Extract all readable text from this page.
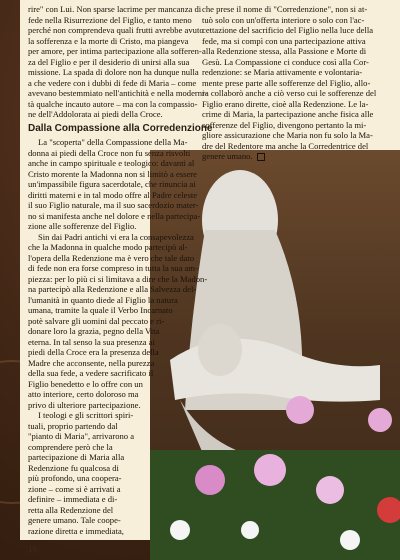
rire" con Lui. Non sparse lacrime per mancanza di

fede nella Risurrezione del Figlio, e tanto meno

perché non comprendeva quali frutti avrebbe avuto

la sofferenza e la morte di Cristo, ma piangeva

per amore, per intima partecipazione alla sofferen-

za del Figlio e per il desiderio di unirsi alla sua

missione. La spada di dolore non ha dunque nulla

a che vedere con i dubbi di fede di Maria – come

avevano bestemmiato nell'antichità e nella moderni-

tà qualche incauto autore – ma con la compassio-

ne dell'Addolorata ai piedi della Croce.

Dalla Compassione alla Corredenzione

La "scoperta" della Compassione della Ma-

donna ai piedi della Croce non fu senza risvolti

anche in campo spirituale e teologico: davanti al

Cristo morente la Madonna non si limitò a essere

un'impassibile figura sacerdotale, che rinuncia ai

diritti materni e in tal modo offre al Padre celeste

il suo Figlio naturale, ma il suo sacerdozio mater-

no si manifesta anche nel dolore e nella partecipa-

zione alle sofferenze del Figlio.

Sin dai Padri antichi vi era la consapevolezza

che la Madonna in qualche modo partecipò al-

l'opera della Redenzione ma è vero che tale dato

di fede non era forse compreso in tutta la sua am-

piezza: per lo più ci si limitava a dire che la Madon-

na partecipò alla Redenzione e alla Salvezza del-

l'umanità in quanto diede al Figlio la natura

umana, tramite la quale il Verbo Incarnato

potè salvare gli uomini dal peccato e ri-

donare loro la grazia, pegno della Vita

eterna. In tal senso la sua presenza ai

piedi della Croce era la presenza della

Madre che acconsente, nella purezza

della sua fede, a vedere sacrificato il

Figlio benedetto e lo offre con un

atto interiore, certo doloroso ma

privo di ulteriore partecipazione.

I teologi e gli scrittori spiri-

tuali, proprio partendo dal

"pianto di Maria", arrivarono a

comprendere però che la

partecipazione di Maria alla

Redenzione fu qualcosa di

più profondo, una coopera-

zione – come si è arrivati a

definire – immediata e di-

retta alla Redenzione del

genere umano. Tale coope-

razione diretta e immediata,

che prese il nome di "Corredenzione", non si at-

tuò solo con un'offerta interiore o solo con l'ac-

cettazione del sacrificio del Figlio nella luce della

fede, ma si compì con una partecipazione attiva

alla Redenzione stessa, alla Passione e Morte di

Gesù. La Compassione ci conduce così alla Cor-

redenzione: se Maria attivamente e volontaria-

mente prese parte alle sofferenze del Figlio, allo-

ra collaborò anche a ciò verso cui le sofferenze del

Figlio erano dirette, cioè alla Redenzione. Le la-

crime di Maria, la partecipazione anche fisica alle

sofferenze del Figlio, divengono pertanto la mi-

gliore assicurazione che Maria non fu solo la Ma-

dre del Redentore ma anche la Corredentrice del

genere umano.

16
